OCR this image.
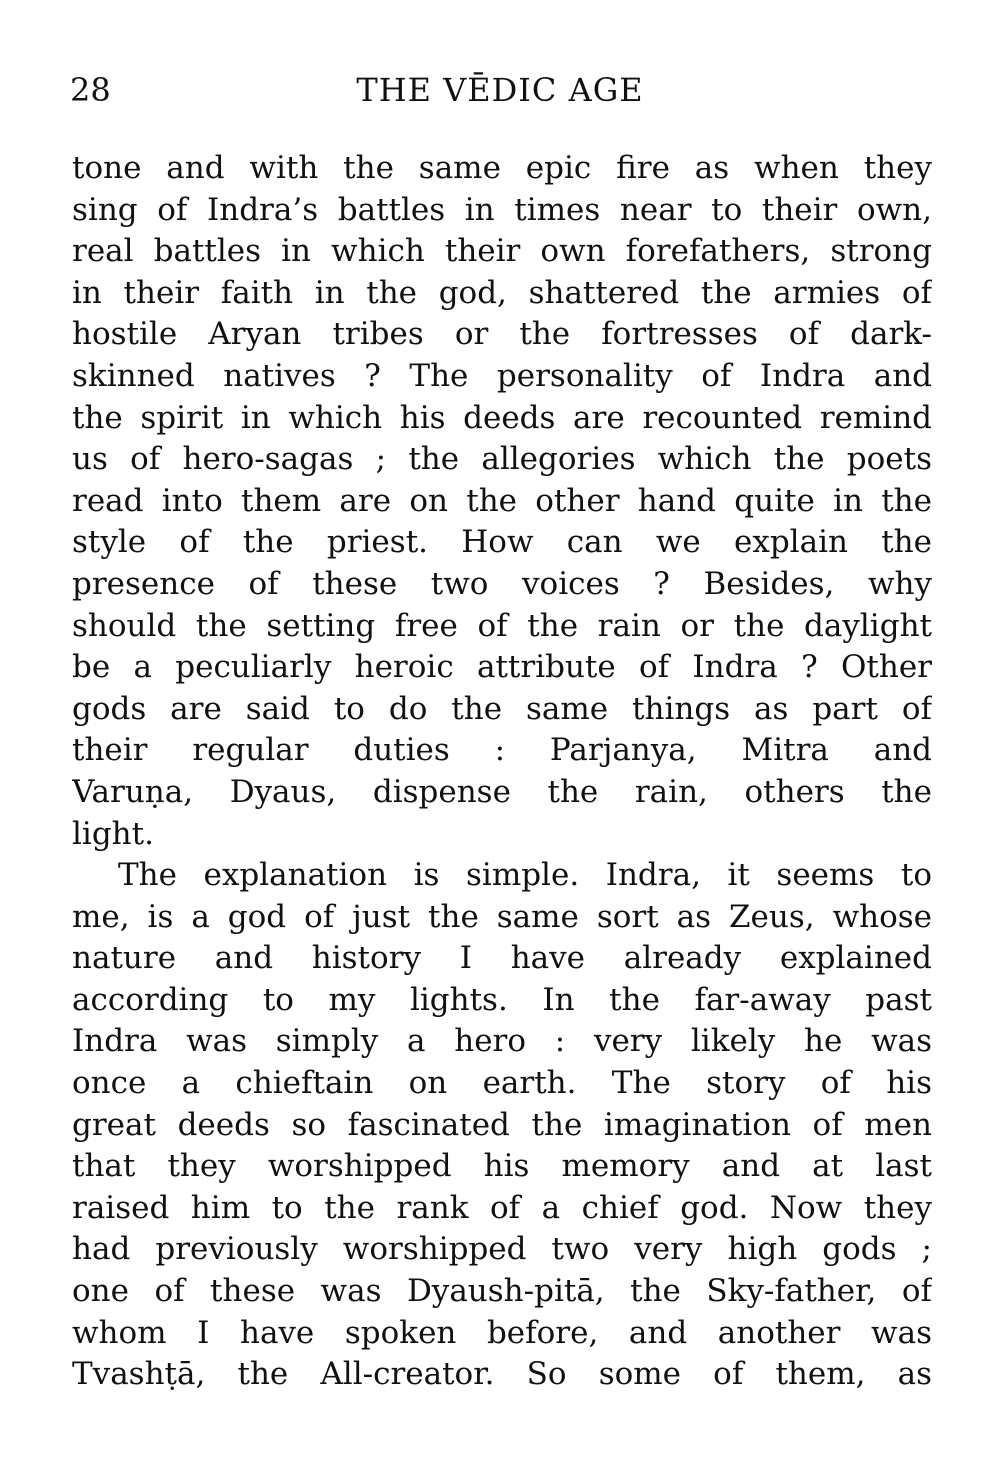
28	THE VĒDIC AGE
tone and with the same epic fire as when they
sing of Indra’s battles in times near to their own,
real battles in which their own forefathers, strong
in their faith in the god, shattered the armies of
hostile Aryan tribes or the fortresses of dark-
skinned natives ? The personality of Indra and
the spirit in which his deeds are recounted remind
us of hero-sagas ; the allegories which the poets
read into them are on the other hand quite in the
style of the priest. How can we explain the
presence of these two voices ? Besides, why
should the setting free of the rain or the daylight
be a peculiarly heroic attribute of Indra ? Other
gods are said to do the same things as part of
their regular duties : Parjanya, Mitra and
Varuṇa, Dyaus, dispense the rain, others the
light.
The explanation is simple. Indra, it seems to
me, is a god of just the same sort as Zeus, whose
nature and history I have already explained
according to my lights. In the far-away past
Indra was simply a hero : very likely he was
once a chieftain on earth. The story of his
great deeds so fascinated the imagination of men
that they worshipped his memory and at last
raised him to the rank of a chief god. Now they
had previously worshipped two very high gods ;
one of these was Dyaush-pitā, the Sky-father, of
whom I have spoken before, and another was
Tvashṭā, the All-creator. So some of them, as
